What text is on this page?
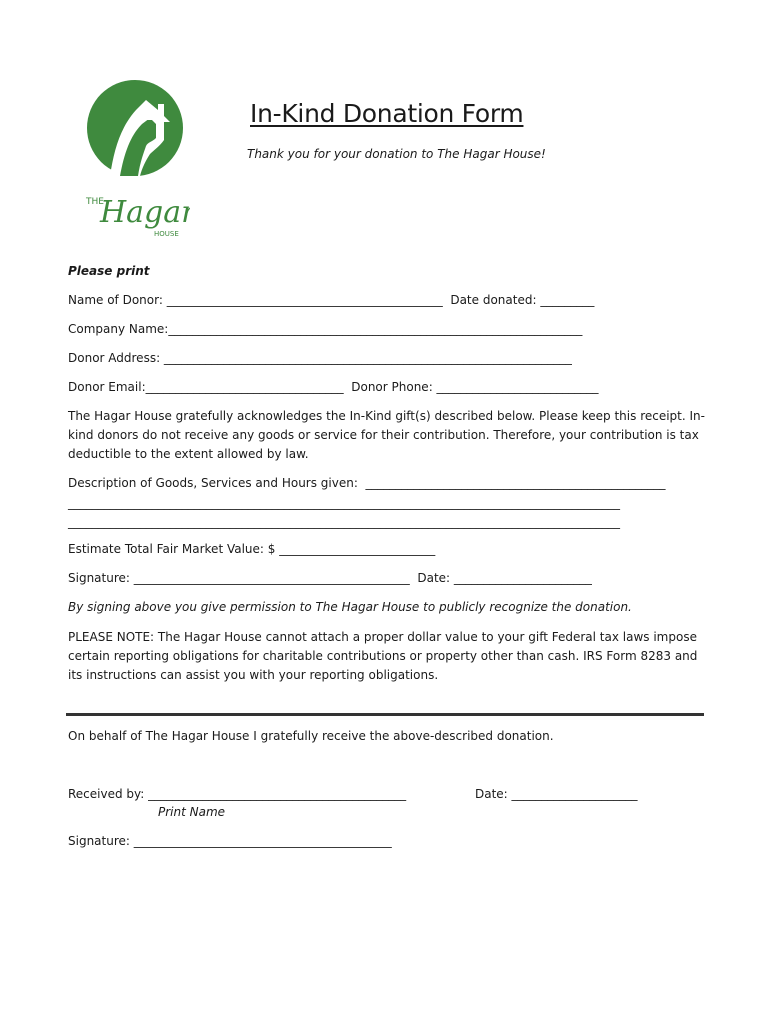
THE
Hagar
HOUSE
In-Kind Donation Form
Thank you for your donation to The Hagar House!
Please print
Name of Donor: ______________________________________________  Date donated: _________
Company Name:_____________________________________________________________________
Donor Address: ____________________________________________________________________
Donor Email:_________________________________  Donor Phone: ___________________________
The Hagar House gratefully acknowledges the In-Kind gift(s) described below. Please keep this receipt. In-kind donors do not receive any goods or service for their contribution. Therefore, your contribution is tax deductible to the extent allowed by law.
Description of Goods, Services and Hours given:  __________________________________________________
____________________________________________________________________________________________
____________________________________________________________________________________________
Estimate Total Fair Market Value: $ __________________________
Signature: ______________________________________________  Date: _______________________
By signing above you give permission to The Hagar House to publicly recognize the donation.
PLEASE NOTE: The Hagar House cannot attach a proper dollar value to your gift Federal tax laws impose certain reporting obligations for charitable contributions or property other than cash. IRS Form 8283 and its instructions can assist you with your reporting obligations.
On behalf of The Hagar House I gratefully receive the above-described donation.
Received by: ___________________________________________	Date: _____________________
Print Name
Signature: ___________________________________________
